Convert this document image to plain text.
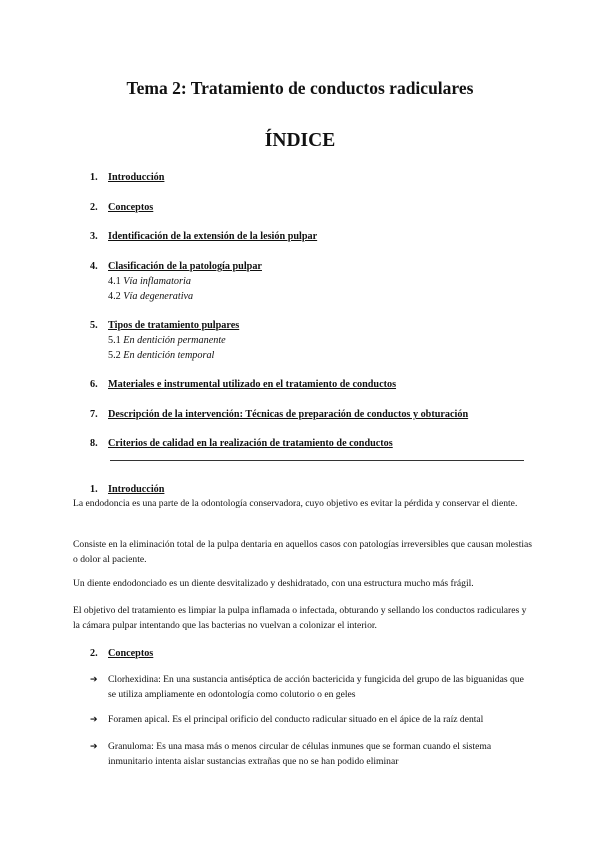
Tema 2: Tratamiento de conductos radiculares
ÍNDICE
1. Introducción
2. Conceptos
3. Identificación de la extensión de la lesión pulpar
4. Clasificación de la patología pulpar
4.1 Vía inflamatoria
4.2 Vía degenerativa
5. Tipos de tratamiento pulpares
5.1 En dentición permanente
5.2 En dentición temporal
6. Materiales e instrumental utilizado en el tratamiento de conductos
7. Descripción de la intervención: Técnicas de preparación de conductos y obturación
8. Criterios de calidad en la realización de tratamiento de conductos
1. Introducción

La endodoncia es una parte de la odontología conservadora, cuyo objetivo es evitar la pérdida y conservar el diente.

Consiste en la eliminación total de la pulpa dentaria en aquellos casos con patologías irreversibles que causan molestias o dolor al paciente.

Un diente endodonciado es un diente desvitalizado y deshidratado, con una estructura mucho más frágil.

El objetivo del tratamiento es limpiar la pulpa inflamada o infectada, obturando y sellando los conductos radiculares y la cámara pulpar intentando que las bacterias no vuelvan a colonizar el interior.

2. Conceptos
➔ Clorhexidina: En una sustancia antiséptica de acción bactericida y fungicida del grupo de las biguanidas que se utiliza ampliamente en odontología como colutorio o en geles
➔ Foramen apical. Es el principal orificio del conducto radicular situado en el ápice de la raíz dental
➔ Granuloma: Es una masa más o menos circular de células inmunes que se forman cuando el sistema inmunitario intenta aislar sustancias extrañas que no se han podido eliminar
